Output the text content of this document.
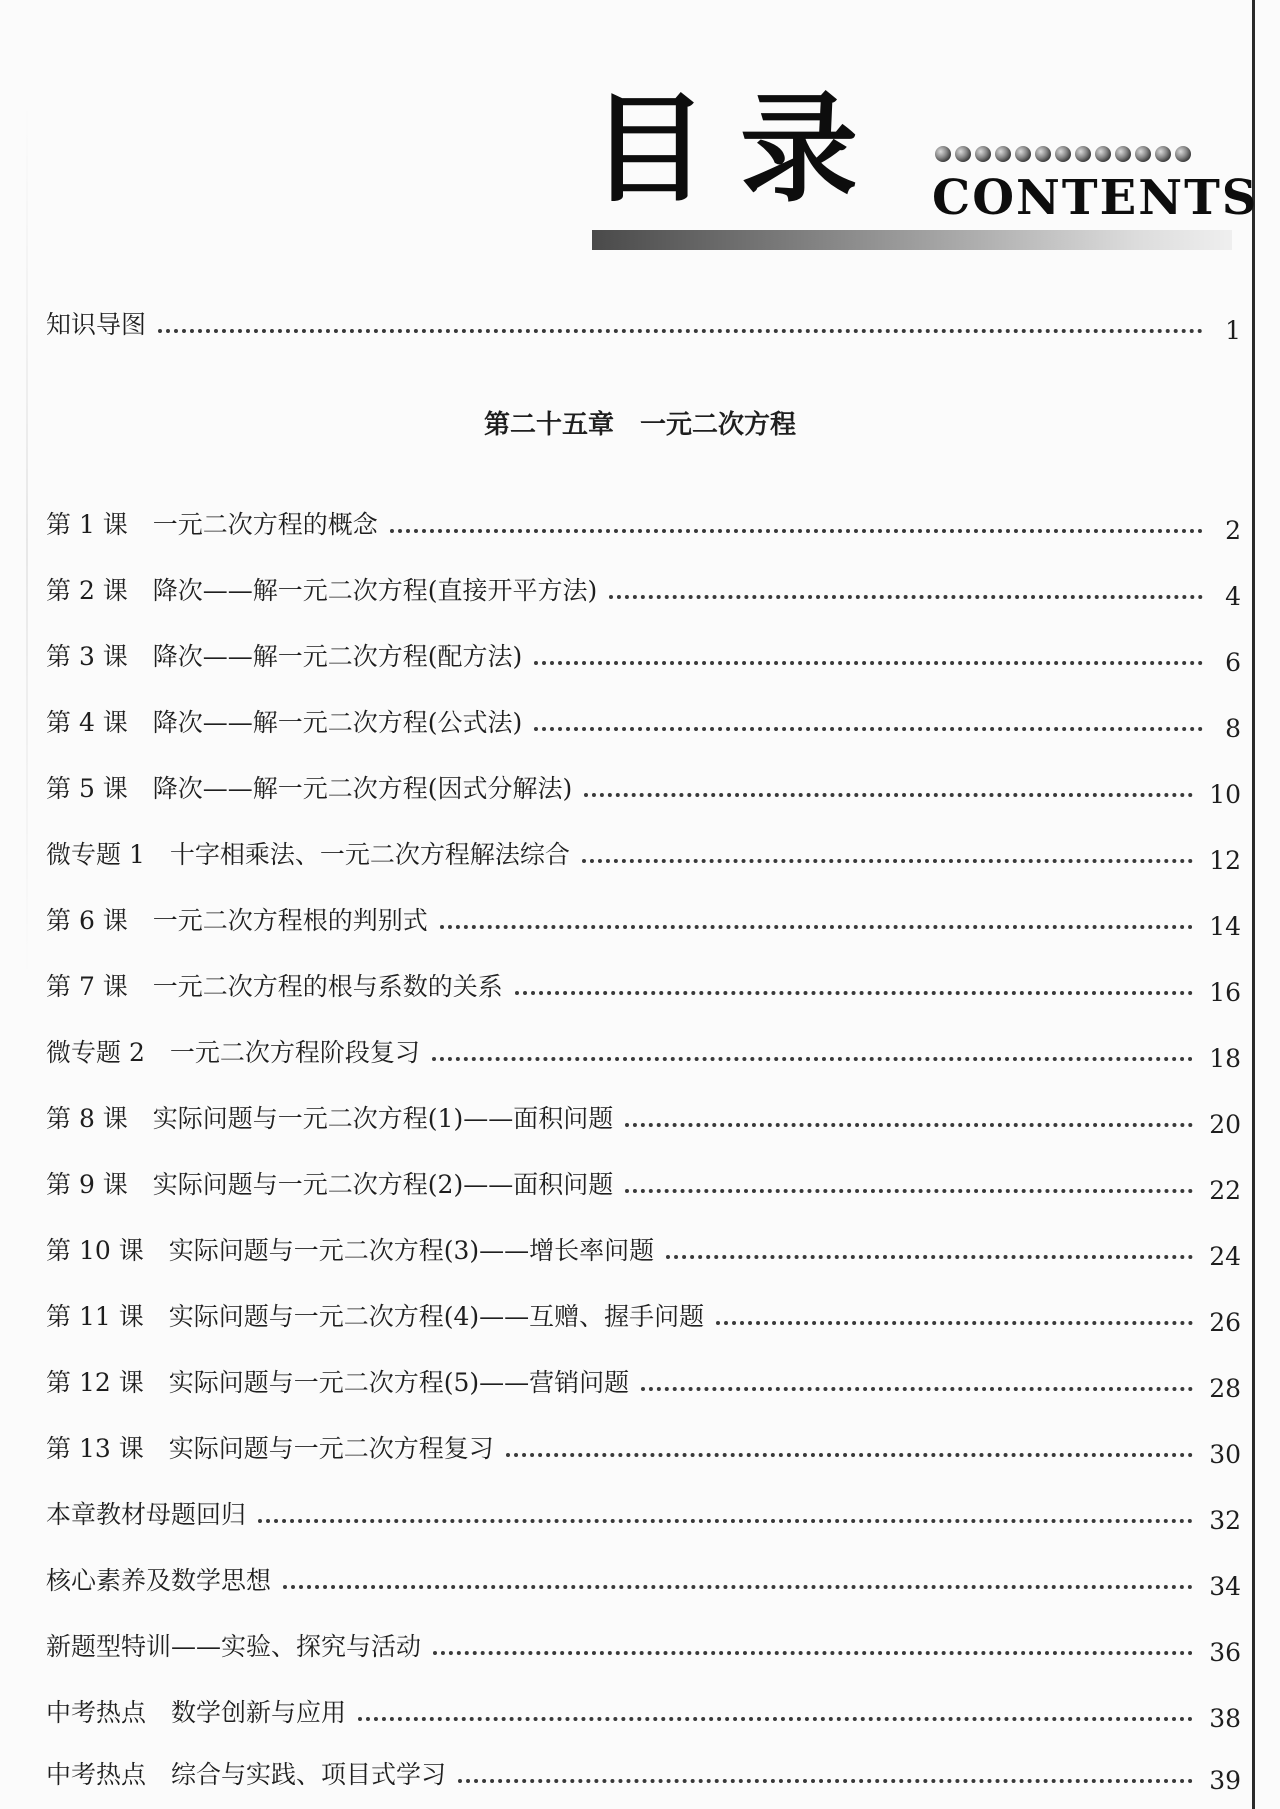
目录 CONTENTS
知识导图	1
第二十五章　一元二次方程
第 1 课　一元二次方程的概念	2
第 2 课　降次——解一元二次方程(直接开平方法)	4
第 3 课　降次——解一元二次方程(配方法)	6
第 4 课　降次——解一元二次方程(公式法)	8
第 5 课　降次——解一元二次方程(因式分解法)	10
微专题 1　十字相乘法、一元二次方程解法综合	12
第 6 课　一元二次方程根的判别式	14
第 7 课　一元二次方程的根与系数的关系	16
微专题 2　一元二次方程阶段复习	18
第 8 课　实际问题与一元二次方程(1)——面积问题	20
第 9 课　实际问题与一元二次方程(2)——面积问题	22
第 10 课　实际问题与一元二次方程(3)——增长率问题	24
第 11 课　实际问题与一元二次方程(4)——互赠、握手问题	26
第 12 课　实际问题与一元二次方程(5)——营销问题	28
第 13 课　实际问题与一元二次方程复习	30
本章教材母题回归	32
核心素养及数学思想	34
新题型特训——实验、探究与活动	36
中考热点　数学创新与应用	38
中考热点　综合与实践、项目式学习	39
